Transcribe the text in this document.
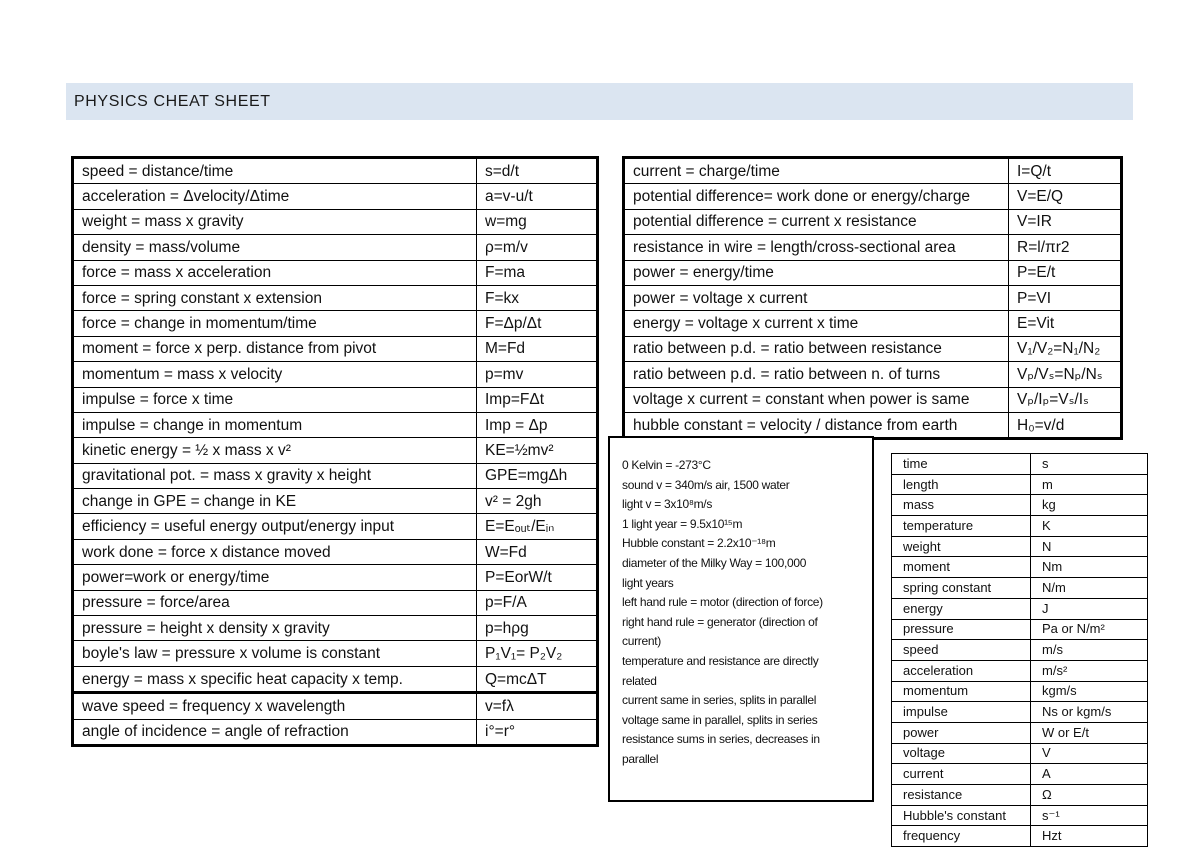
PHYSICS CHEAT SHEET
speed = distance/time	s=d/t
acceleration = Δvelocity/Δtime	a=v-u/t
weight = mass x gravity	w=mg
density = mass/volume	ρ=m/v
force = mass x acceleration	F=ma
force = spring constant x extension	F=kx
force = change in momentum/time	F=Δp/Δt
moment = force x perp. distance from pivot	M=Fd
momentum = mass x velocity	p=mv
impulse = force x time	Imp=FΔt
impulse = change in momentum	Imp = Δp
kinetic energy = ½ x mass x v²	KE=½mv²
gravitational pot. = mass x gravity x height	GPE=mgΔh
change in GPE = change in KE	v² = 2gh
efficiency = useful energy output/energy input	E=Eₒᵤₜ/Eᵢₙ
work done = force x distance moved	W=Fd
power=work or energy/time	P=EorW/t
pressure = force/area	p=F/A
pressure = height x density x gravity	p=hρg
boyle's law = pressure x volume is constant	P₁V₁= P₂V₂
energy = mass x specific heat capacity x temp.	Q=mcΔT
wave speed = frequency x wavelength	v=fλ
angle of incidence = angle of refraction	i°=r°
current = charge/time	I=Q/t
potential difference= work done or energy/charge	V=E/Q
potential difference = current x resistance	V=IR
resistance in wire = length/cross-sectional area	R=l/πr2
power = energy/time	P=E/t
power = voltage x current	P=VI
energy = voltage x current x time	E=Vit
ratio between p.d. = ratio between resistance	V₁/V₂=N₁/N₂
ratio between p.d. = ratio between n. of turns	Vₚ/Vₛ=Nₚ/Nₛ
voltage x current = constant when power is same	Vₚ/Iₚ=Vₛ/Iₛ
hubble constant = velocity / distance from earth	H₀=v/d
0 Kelvin = -273°C
sound v = 340m/s air, 1500 water
light v = 3x10⁸m/s
1 light year = 9.5x10¹⁵m
Hubble constant = 2.2x10⁻¹⁸m
diameter of the Milky Way = 100,000
light years
left hand rule = motor (direction of force)
right hand rule = generator (direction of
current)
temperature and resistance are directly
related
current same in series, splits in parallel
voltage same in parallel, splits in series
resistance sums in series, decreases in
parallel
time	s
length	m
mass	kg
temperature	K
weight	N
moment	Nm
spring constant	N/m
energy	J
pressure	Pa or N/m²
speed	m/s
acceleration	m/s²
momentum	kgm/s
impulse	Ns or kgm/s
power	W or E/t
voltage	V
current	A
resistance	Ω
Hubble's constant	s⁻¹
frequency	Hzt
